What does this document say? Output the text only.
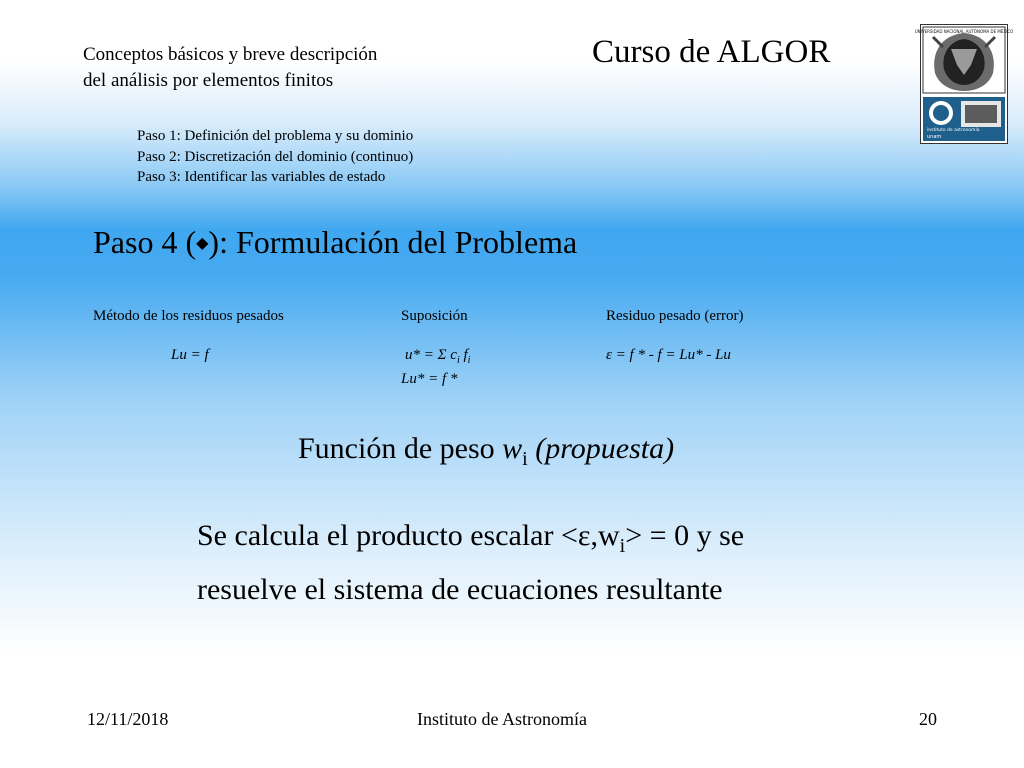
Conceptos básicos y breve descripción
del análisis por elementos finitos
Curso de ALGOR
UNIVERSIDAD NACIONAL AUTÓNOMA DE MÉXICO
instituto de astronomía
unam
Paso 1: Definición del problema y su dominio
Paso 2: Discretización del dominio (continuo)
Paso 3: Identificar las variables de estado
Paso 4 (◆): Formulación del Problema
Método de los residuos pesados
Lu = f
Suposición
u* = Σ $c_i$ $f_i$
Lu* = f *
Residuo pesado (error)
ε = f * - f = Lu* - Lu
Función de peso $w_i$ (propuesta)
Se calcula el producto escalar $<\varepsilon,w_i> = 0$ y se
resuelve el sistema de ecuaciones resultante
12/11/2018	Instituto de Astronomía	20
